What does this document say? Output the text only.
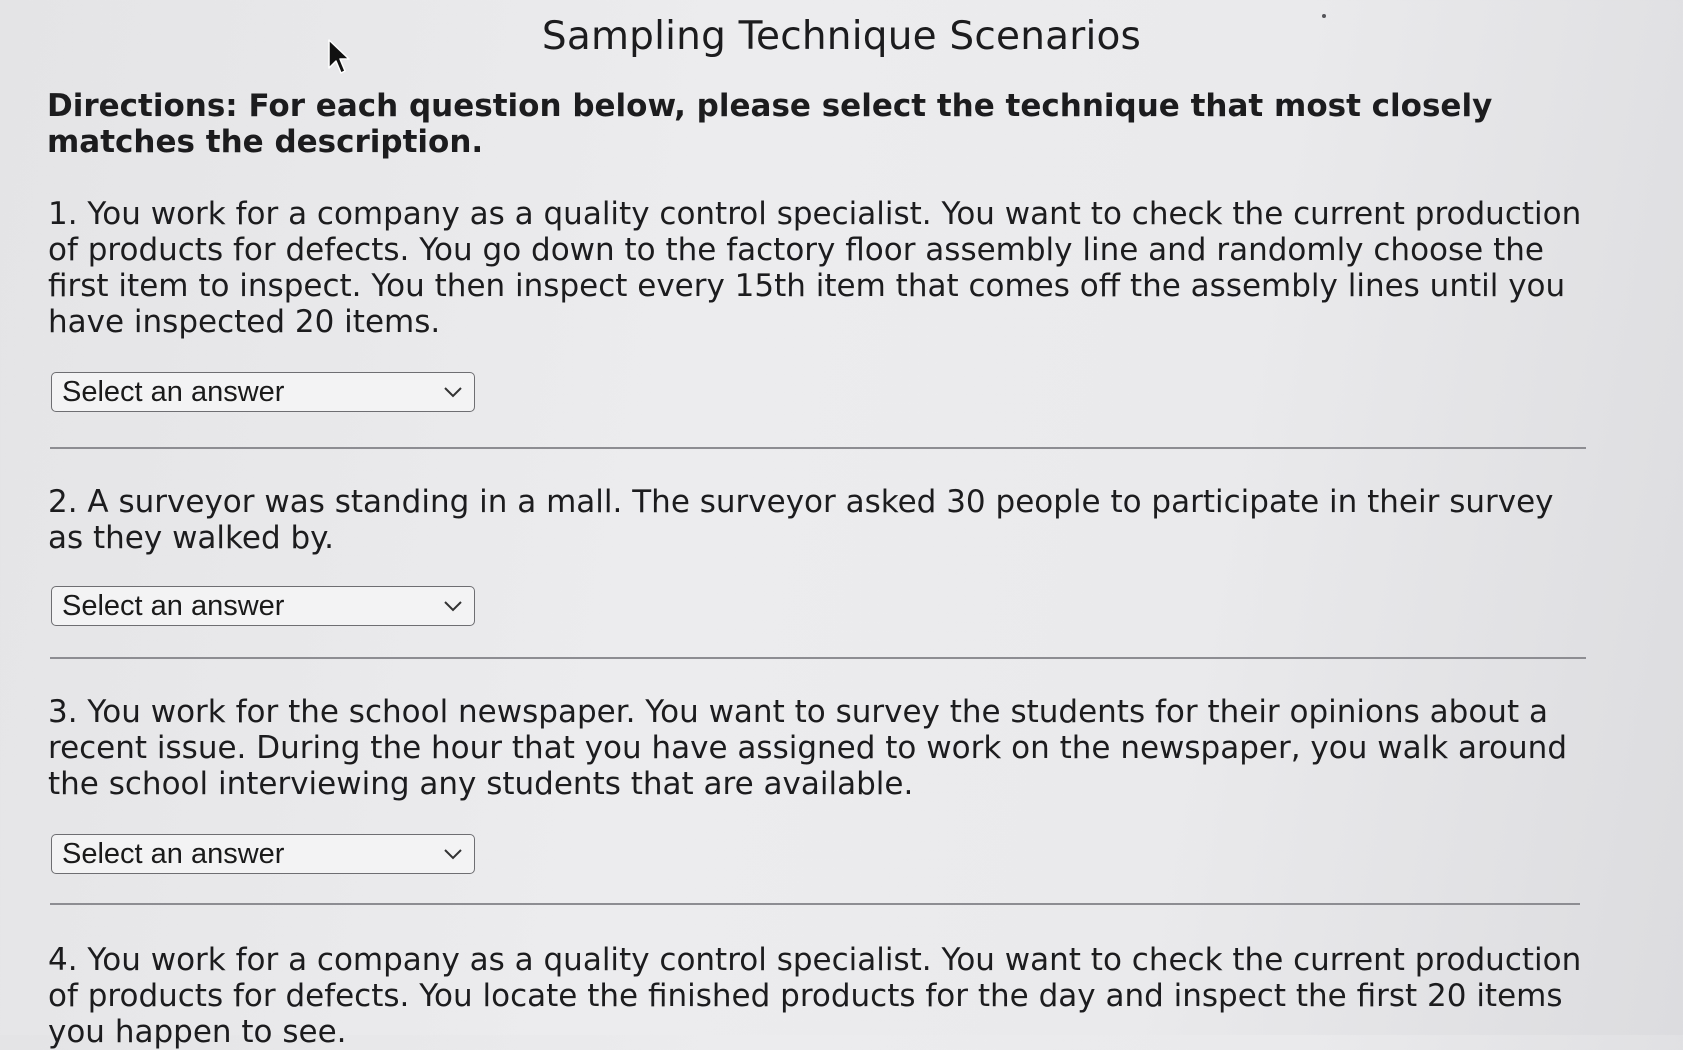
Sampling Technique Scenarios

Directions: For each question below, please select the technique that most closely matches the description.

1. You work for a company as a quality control specialist. You want to check the current production of products for defects. You go down to the factory floor assembly line and randomly choose the first item to inspect. You then inspect every 15th item that comes off the assembly lines until you have inspected 20 items.

Select an answer

2. A surveyor was standing in a mall. The surveyor asked 30 people to participate in their survey as they walked by.

Select an answer

3. You work for the school newspaper. You want to survey the students for their opinions about a recent issue. During the hour that you have assigned to work on the newspaper, you walk around the school interviewing any students that are available.

Select an answer

4. You work for a company as a quality control specialist. You want to check the current production of products for defects. You locate the finished products for the day and inspect the first 20 items you happen to see.
